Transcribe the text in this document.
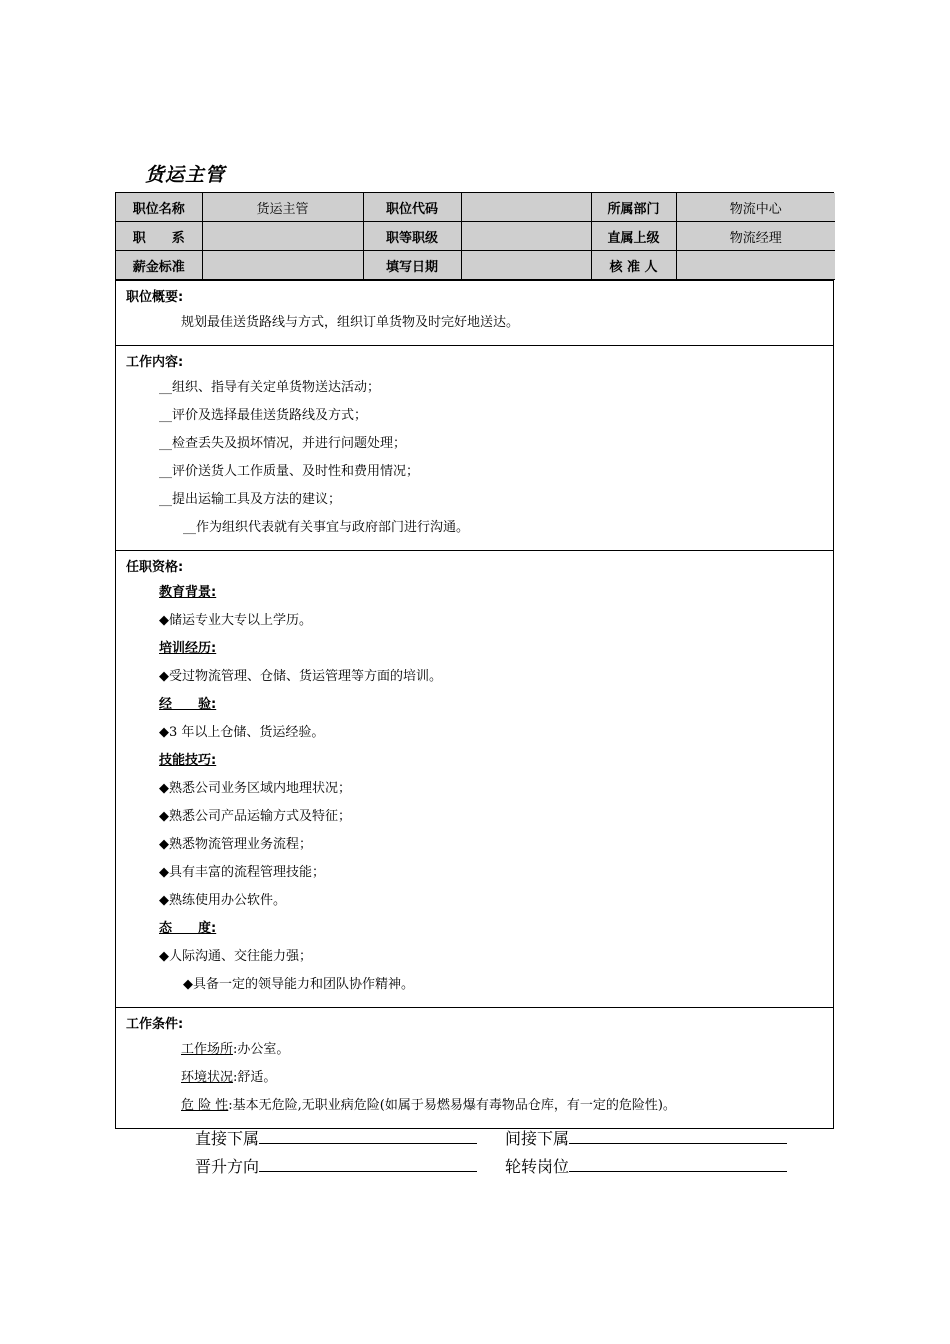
货运主管
职位名称	货运主管	职位代码		所属部门	物流中心
职　　系		职等职级		直属上级	物流经理
薪金标准		填写日期		核 准 人	
职位概要:
规划最佳送货路线与方式，组织订单货物及时完好地送达。
工作内容:
__组织、指导有关定单货物送达活动；
__评价及选择最佳送货路线及方式；
__检查丢失及损坏情况，并进行问题处理；
__评价送货人工作质量、及时性和费用情况；
__提出运输工具及方法的建议；
__作为组织代表就有关事宜与政府部门进行沟通。
任职资格:
教育背景:
◆储运专业大专以上学历。
培训经历:
◆受过物流管理、仓储、货运管理等方面的培训。
经　　验:
◆3 年以上仓储、货运经验。
技能技巧:
◆熟悉公司业务区域内地理状况；
◆熟悉公司产品运输方式及特征；
◆熟悉物流管理业务流程；
◆具有丰富的流程管理技能；
◆熟练使用办公软件。
态　　度:
◆人际沟通、交往能力强；
◆具备一定的领导能力和团队协作精神。
工作条件:
工作场所:办公室。
环境状况:舒适。
危 险 性:基本无危险,无职业病危险(如属于易燃易爆有毒物品仓库，有一定的危险性)。
直接下属	间接下属
晋升方向	轮转岗位
